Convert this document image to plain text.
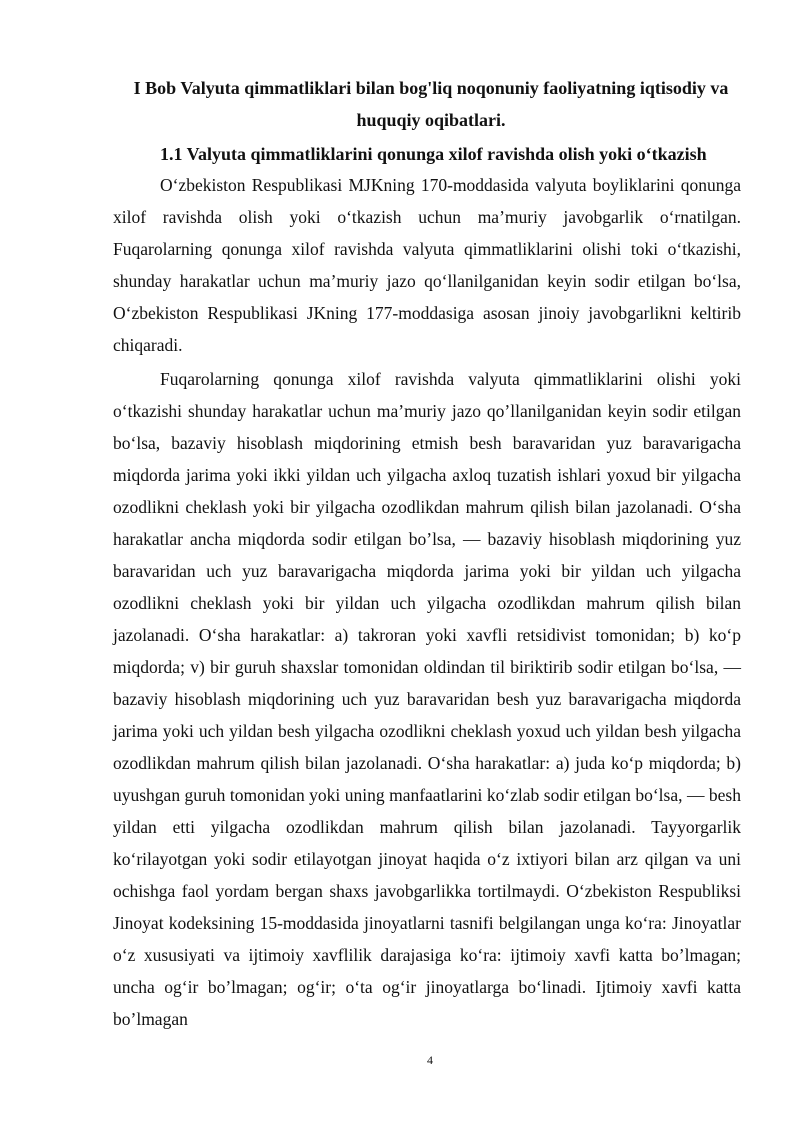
I Bob Valyuta qimmatliklari bilan bog'liq noqonuniy faoliyatning iqtisodiy va huquqiy oqibatlari.
1.1 Valyuta qimmatliklarini qonunga xilof ravishda olish yoki o‘tkazish

O‘zbekiston Respublikasi MJKning 170-moddasida valyuta boyliklarini qonunga xilof ravishda olish yoki o‘tkazish uchun ma’muriy javobgarlik o‘rnatilgan. Fuqarolarning qonunga xilof ravishda valyuta qimmatliklarini olishi toki o‘tkazishi, shunday harakatlar uchun ma’muriy jazo qo‘llanilganidan keyin sodir etilgan bo‘lsa, O‘zbekiston Respublikasi JKning 177-moddasiga asosan jinoiy javobgarlikni keltirib chiqaradi.

Fuqarolarning qonunga xilof ravishda valyuta qimmatliklarini olishi yoki o‘tkazishi shunday harakatlar uchun ma’muriy jazo qo’llanilganidan keyin sodir etilgan bo‘lsa, bazaviy hisoblash miqdorining etmish besh baravaridan yuz baravarigacha miqdorda jarima yoki ikki yildan uch yilgacha axloq tuzatish ishlari yoxud bir yilgacha ozodlikni cheklash yoki bir yilgacha ozodlikdan mahrum qilish bilan jazolanadi. O‘sha harakatlar ancha miqdorda sodir etilgan bo’lsa, — bazaviy hisoblash miqdorining yuz baravaridan uch yuz baravarigacha miqdorda jarima yoki bir yildan uch yilgacha ozodlikni cheklash yoki bir yildan uch yilgacha ozodlikdan mahrum qilish bilan jazolanadi. O‘sha harakatlar: a) takroran yoki xavfli retsidivist tomonidan; b) ko‘p miqdorda; v) bir guruh shaxslar tomonidan oldindan til biriktirib sodir etilgan bo‘lsa, — bazaviy hisoblash miqdorining uch yuz baravaridan besh yuz baravarigacha miqdorda jarima yoki uch yildan besh yilgacha ozodlikni cheklash yoxud uch yildan besh yilgacha ozodlikdan mahrum qilish bilan jazolanadi. O‘sha harakatlar: a) juda ko‘p miqdorda; b) uyushgan guruh tomonidan yoki uning manfaatlarini ko‘zlab sodir etilgan bo‘lsa, — besh yildan etti yilgacha ozodlikdan mahrum qilish bilan jazolanadi. Tayyorgarlik ko‘rilayotgan yoki sodir etilayotgan jinoyat haqida o‘z ixtiyori bilan arz qilgan va uni ochishga faol yordam bergan shaxs javobgarlikka tortilmaydi. O‘zbekiston Respubliksi Jinoyat kodeksining 15-moddasida jinoyatlarni tasnifi belgilangan unga ko‘ra: Jinoyatlar o‘z xususiyati va ijtimoiy xavflilik darajasiga ko‘ra: ijtimoiy xavfi katta bo’lmagan; uncha og‘ir bo’lmagan; og‘ir; o‘ta og‘ir jinoyatlarga bo‘linadi. Ijtimoiy xavfi katta bo’lmagan

4
